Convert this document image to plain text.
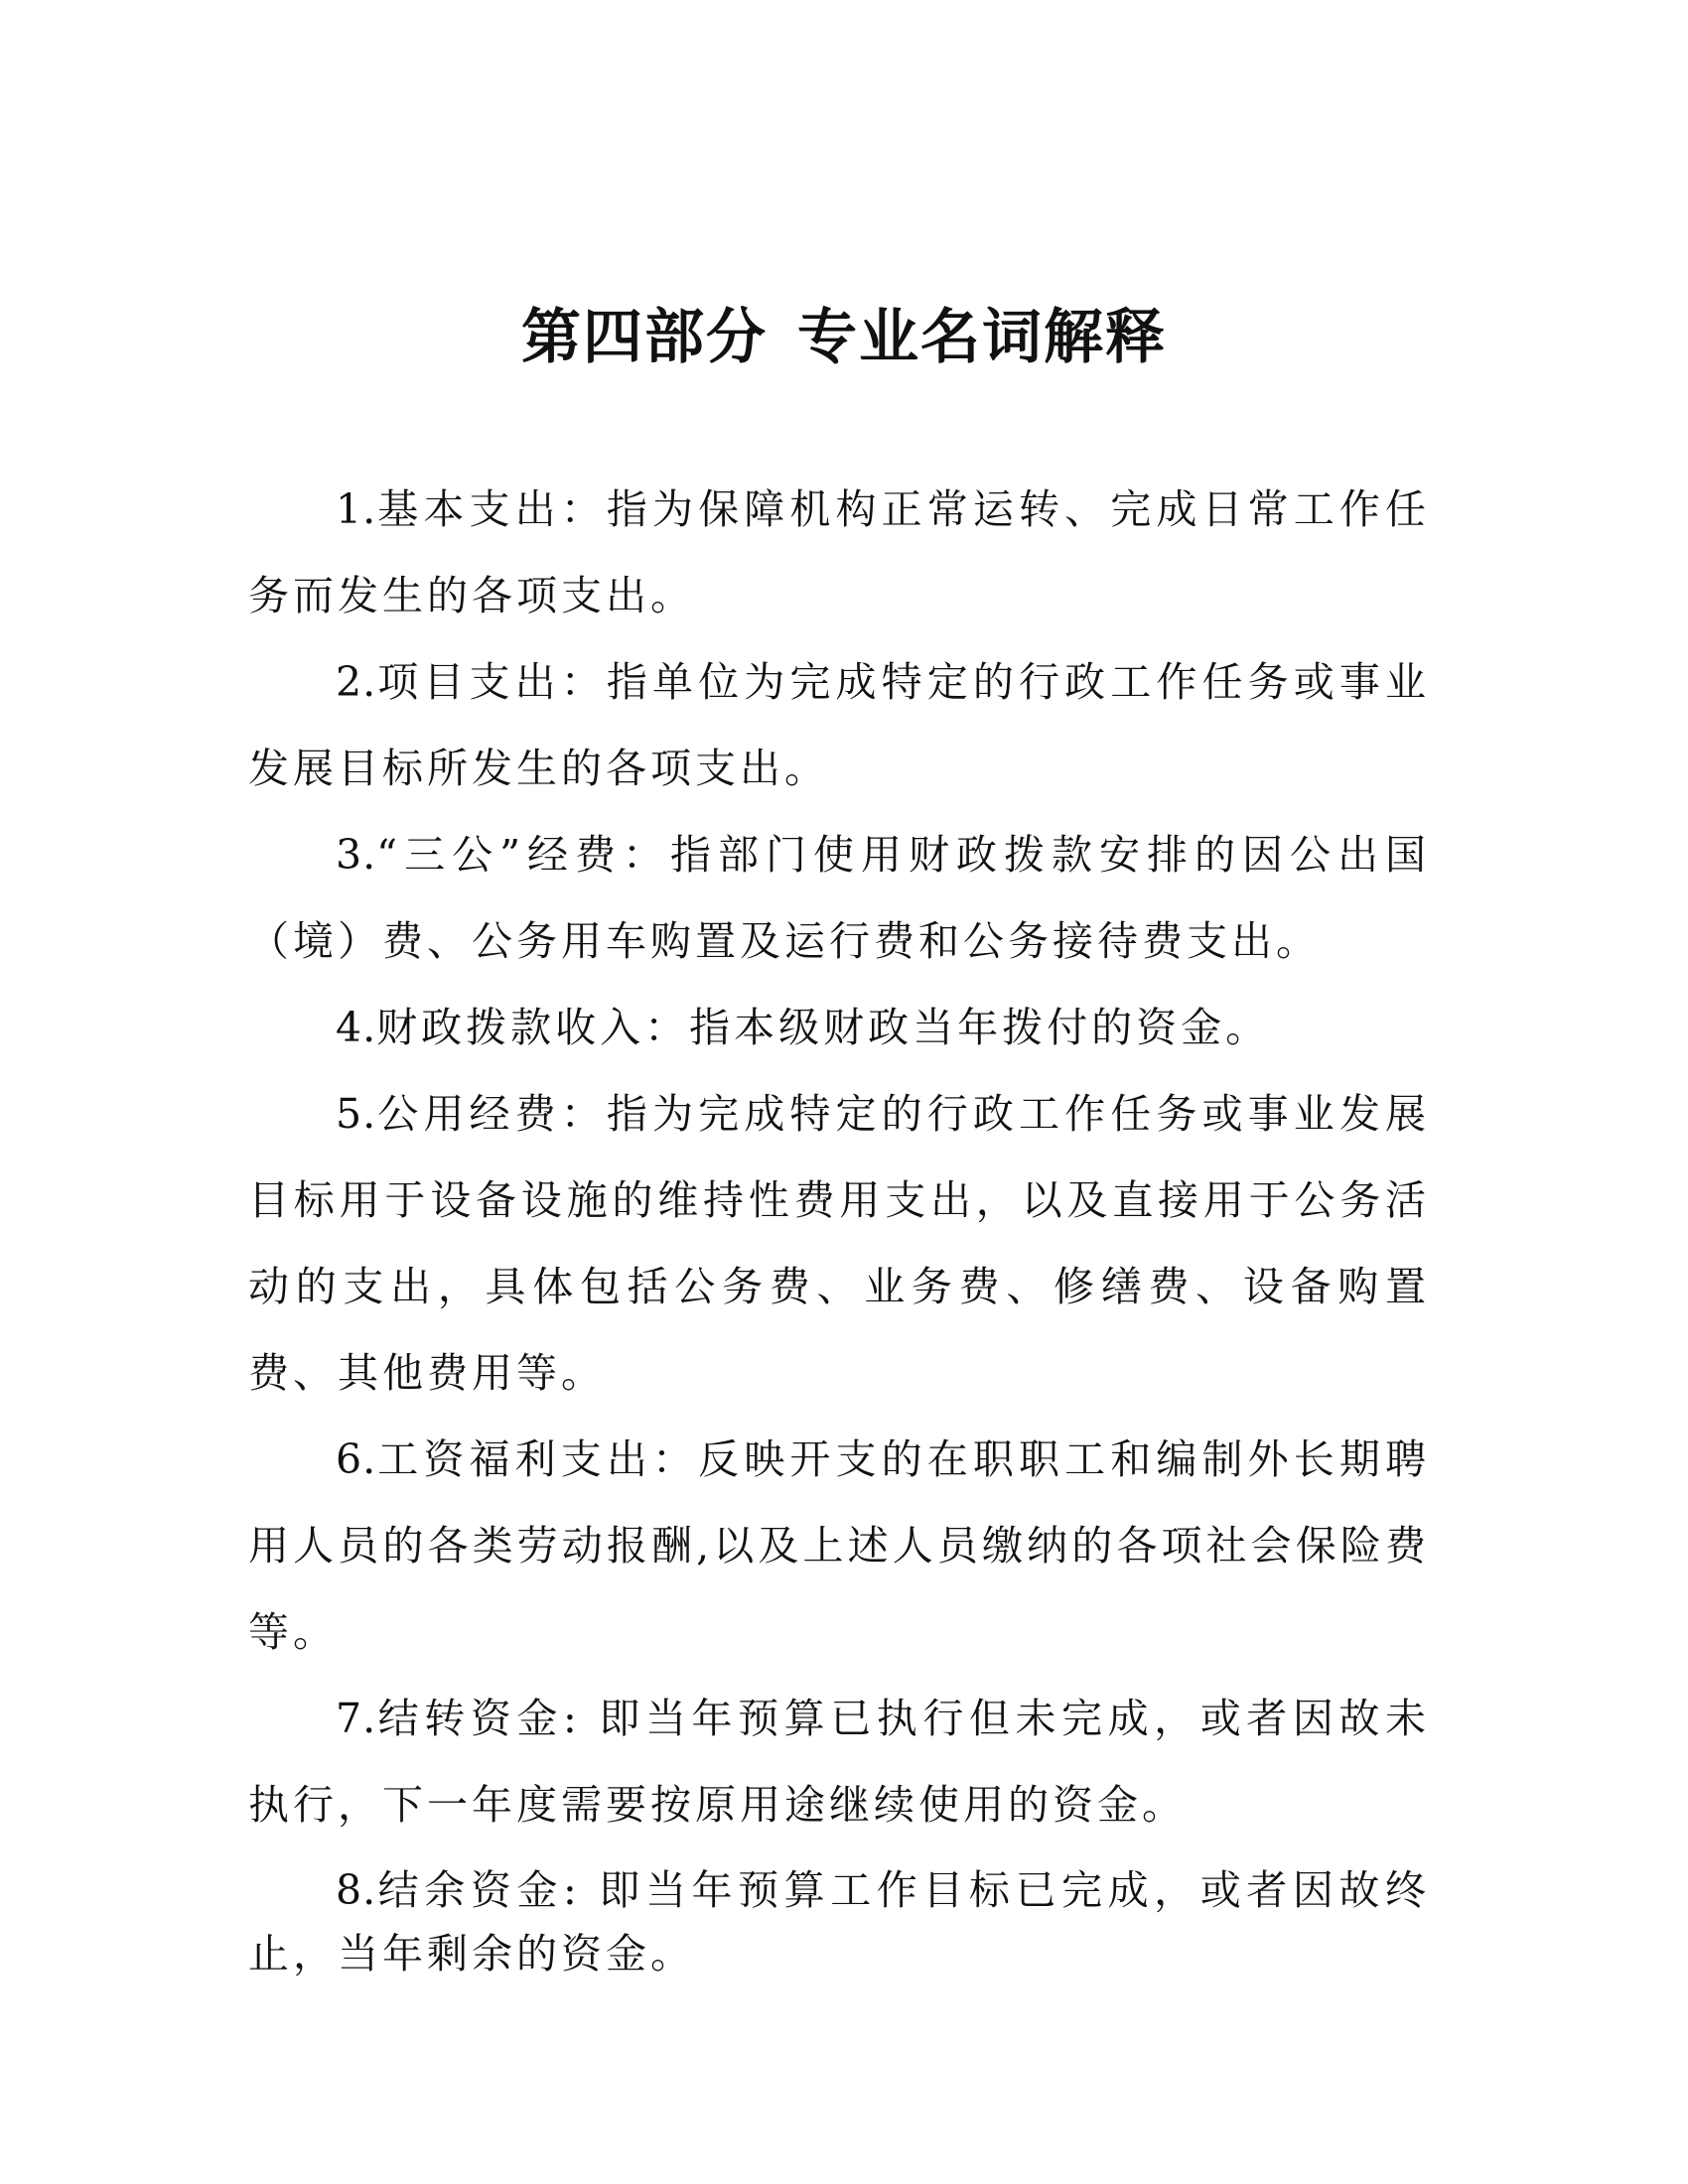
第四部分 专业名词解释

1.基本支出：指为保障机构正常运转、完成日常工作任务而发生的各项支出。

2.项目支出：指单位为完成特定的行政工作任务或事业发展目标所发生的各项支出。

3.“三公”经费：指部门使用财政拨款安排的因公出国（境）费、公务用车购置及运行费和公务接待费支出。

4.财政拨款收入：指本级财政当年拨付的资金。

5.公用经费：指为完成特定的行政工作任务或事业发展目标用于设备设施的维持性费用支出，以及直接用于公务活动的支出，具体包括公务费、业务费、修缮费、设备购置费、其他费用等。

6.工资福利支出：反映开支的在职职工和编制外长期聘用人员的各类劳动报酬,以及上述人员缴纳的各项社会保险费等。

7.结转资金: 即当年预算已执行但未完成，或者因故未执行，下一年度需要按原用途继续使用的资金。

8.结余资金: 即当年预算工作目标已完成，或者因故终止，当年剩余的资金。
